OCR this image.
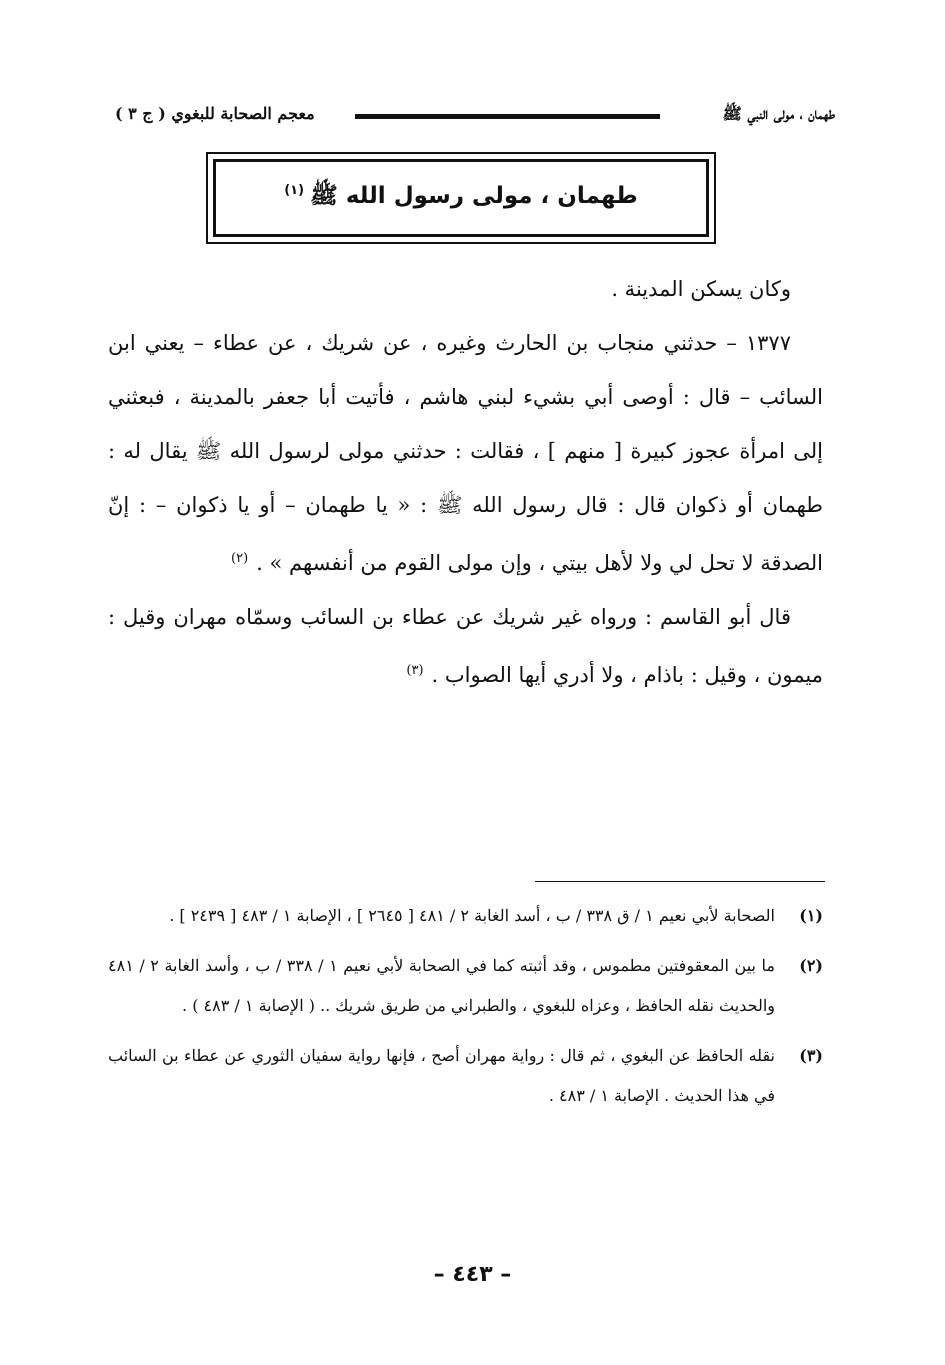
طهمان ، مولى النبي ﷺ
معجم الصحابة للبغوي ( ج ٣ )
طهمان ، مولى رسول الله ﷺ$^{(١)}$

وكان يسكن المدينة .

١٣٧٧ – حدثني منجاب بن الحارث وغيره ، عن شريك ، عن عطاء – يعني ابن السائب – قال : أوصى أبي بشيء لبني هاشم ، فأتيت أبا جعفر بالمدينة ، فبعثني إلى امرأة عجوز كبيرة [ منهم ] ، فقالت : حدثني مولى لرسول الله ﷺ يقال له : طهمان أو ذكوان قال : قال رسول الله ﷺ : « يا طهمان – أو يا ذكوان – : إنّ الصدقة لا تحل لي ولا لأهل بيتي ، وإن مولى القوم من أنفسهم » .$^{(٢)}$

قال أبو القاسم : ورواه غير شريك عن عطاء بن السائب وسمّاه مهران وقيل : ميمون ، وقيل : باذام ، ولا أدري أيها الصواب .$^{(٣)}$

(١)
الصحابة لأبي نعيم ١ / ق ٣٣٨ / ب ، أسد الغابة ٢ / ٤٨١ [ ٢٦٤٥ ] ، الإصابة ١ / ٤٨٣ [ ٢٤٣٩ ] .
(٢)
ما بين المعقوفتين مطموس ، وقد أثبته كما في الصحابة لأبي نعيم ١ / ٣٣٨ / ب ، وأسد الغابة ٢ / ٤٨١ والحديث نقله الحافظ ، وعزاه للبغوي ، والطبراني من طريق شريك .. ( الإصابة ١ / ٤٨٣ ) .
(٣)
نقله الحافظ عن البغوي ، ثم قال : رواية مهران أصح ، فإنها رواية سفيان الثوري عن عطاء بن السائب في هذا الحديث . الإصابة ١ / ٤٨٣ .
– ٤٤٣ –
